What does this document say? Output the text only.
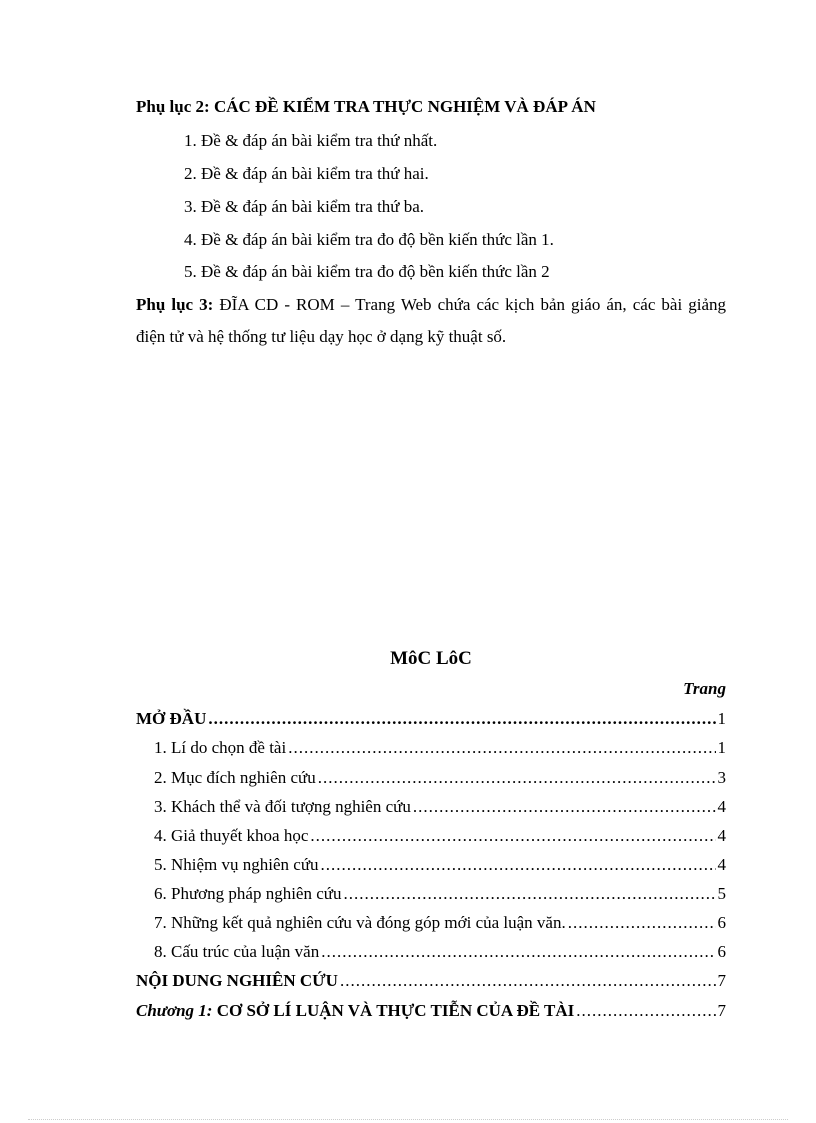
Phụ lục 2: CÁC ĐỀ KIỂM TRA THỰC NGHIỆM VÀ ĐÁP ÁN
1. Đề & đáp án bài kiểm tra thứ nhất.
2. Đề & đáp án bài kiểm tra thứ hai.
3. Đề & đáp án bài kiểm tra thứ ba.
4. Đề & đáp án bài kiểm tra đo độ bền kiến thức lần 1.
5. Đề & đáp án bài kiểm tra đo độ bền kiến thức lần 2
Phụ lục 3: ĐĨA CD - ROM – Trang Web chứa các kịch bản giáo án, các bài giảng điện tử và hệ thống tư liệu dạy học ở dạng kỹ thuật số.
MôC LôC
Trang
MỞ ĐẦU .....	1
1. Lí do chọn đề tài .....	1
2. Mục đích nghiên cứu .....	3
3. Khách thể và đối tượng nghiên cứu .....	4
4. Giả thuyết khoa học .....	4
5. Nhiệm vụ nghiên cứu .....	4
6. Phương pháp nghiên cứu .....	5
7. Những kết quả nghiên cứu và đóng góp mới của luận văn. .....	6
8. Cấu trúc của luận văn .....	6
NỘI DUNG NGHIÊN CỨU .....	7
Chương 1: CƠ SỞ LÍ LUẬN VÀ THỰC TIỄN CỦA ĐỀ TÀI .....	7
